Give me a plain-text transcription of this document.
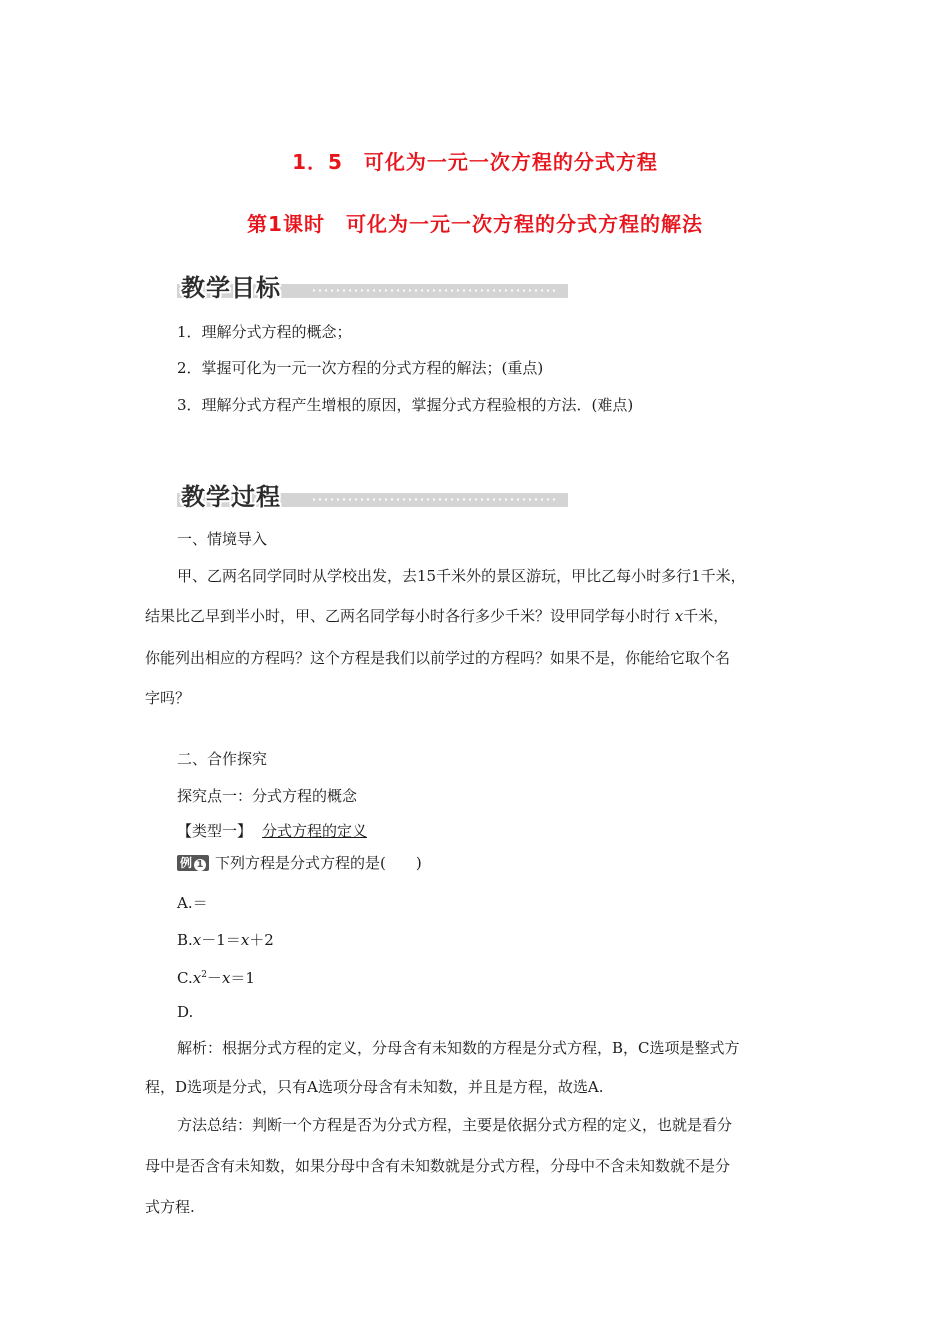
1．5　可化为一元一次方程的分式方程
第1课时　可化为一元一次方程的分式方程的解法
教学目标
1．理解分式方程的概念；
2．掌握可化为一元一次方程的分式方程的解法；(重点)
3．理解分式方程产生增根的原因，掌握分式方程验根的方法．(难点)
教学过程
一、情境导入
甲、乙两名同学同时从学校出发，去15千米外的景区游玩，甲比乙每小时多行1千米，
结果比乙早到半小时，甲、乙两名同学每小时各行多少千米？设甲同学每小时行 x千米，
你能列出相应的方程吗？这个方程是我们以前学过的方程吗？如果不是，你能给它取个名
字吗？
二、合作探究
探究点一：分式方程的概念
【类型一】 分式方程的定义
例 1 下列方程是分式方程的是(　　)
A.＝
B.x－1＝x＋2
$C.x^2-x=1$
D.
解析：根据分式方程的定义，分母含有未知数的方程是分式方程，B，C选项是整式方
程，D选项是分式，只有A选项分母含有未知数，并且是方程，故选A.
方法总结：判断一个方程是否为分式方程，主要是依据分式方程的定义，也就是看分
母中是否含有未知数，如果分母中含有未知数就是分式方程，分母中不含未知数就不是分
式方程.
